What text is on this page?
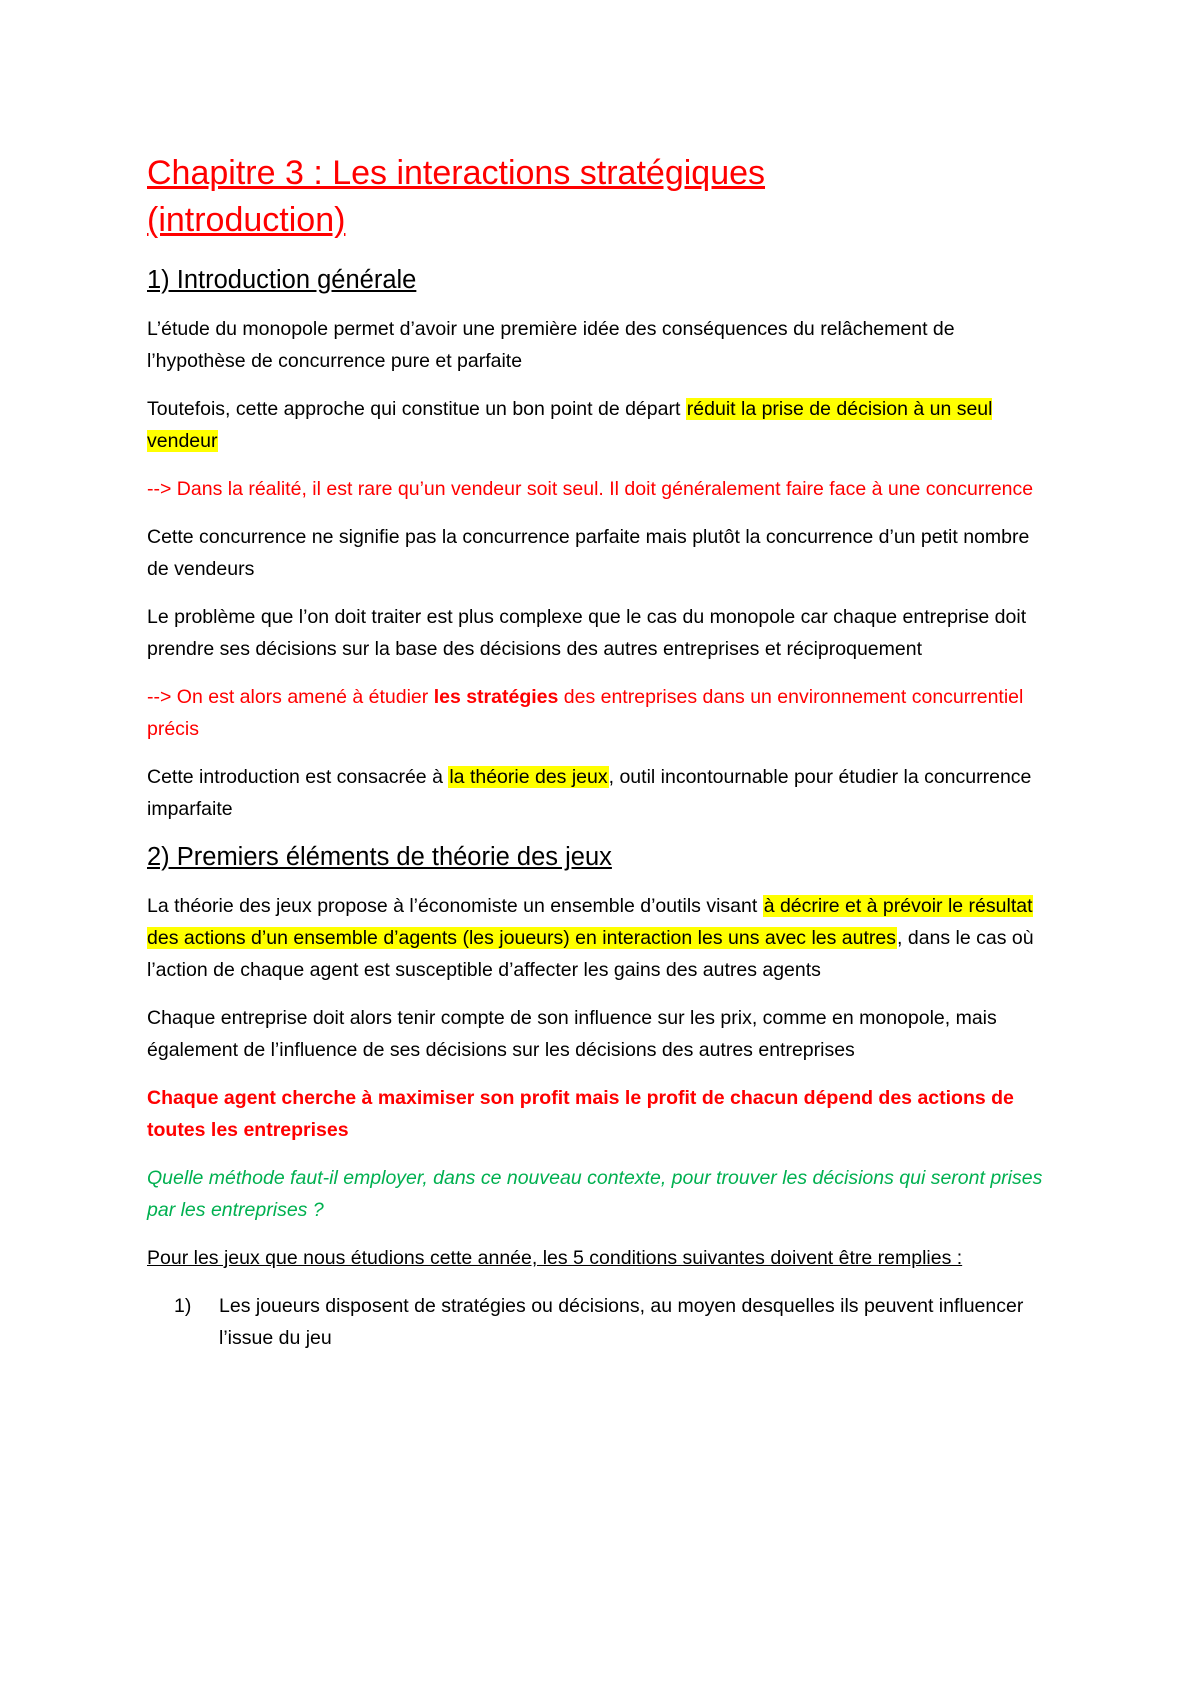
Chapitre 3 : Les interactions stratégiques
(introduction)
1) Introduction générale

L’étude du monopole permet d’avoir une première idée des conséquences du relâchement de l’hypothèse de concurrence pure et parfaite

Toutefois, cette approche qui constitue un bon point de départ réduit la prise de décision à un seul vendeur

--> Dans la réalité, il est rare qu’un vendeur soit seul. Il doit généralement faire face à une concurrence

Cette concurrence ne signifie pas la concurrence parfaite mais plutôt la concurrence d’un petit nombre de vendeurs

Le problème que l’on doit traiter est plus complexe que le cas du monopole car chaque entreprise doit prendre ses décisions sur la base des décisions des autres entreprises et réciproquement

--> On est alors amené à étudier les stratégies des entreprises dans un environnement concurrentiel précis

Cette introduction est consacrée à la théorie des jeux, outil incontournable pour étudier la concurrence imparfaite

2) Premiers éléments de théorie des jeux

La théorie des jeux propose à l’économiste un ensemble d’outils visant à décrire et à prévoir le résultat des actions d’un ensemble d’agents (les joueurs) en interaction les uns avec les autres, dans le cas où l’action de chaque agent est susceptible d’affecter les gains des autres agents

Chaque entreprise doit alors tenir compte de son influence sur les prix, comme en monopole, mais également de l’influence de ses décisions sur les décisions des autres entreprises

Chaque agent cherche à maximiser son profit mais le profit de chacun dépend des actions de toutes les entreprises

Quelle méthode faut-il employer, dans ce nouveau contexte, pour trouver les décisions qui seront prises par les entreprises ?

Pour les jeux que nous étudions cette année, les 5 conditions suivantes doivent être remplies :

1) Les joueurs disposent de stratégies ou décisions, au moyen desquelles ils peuvent influencer l’issue du jeu
